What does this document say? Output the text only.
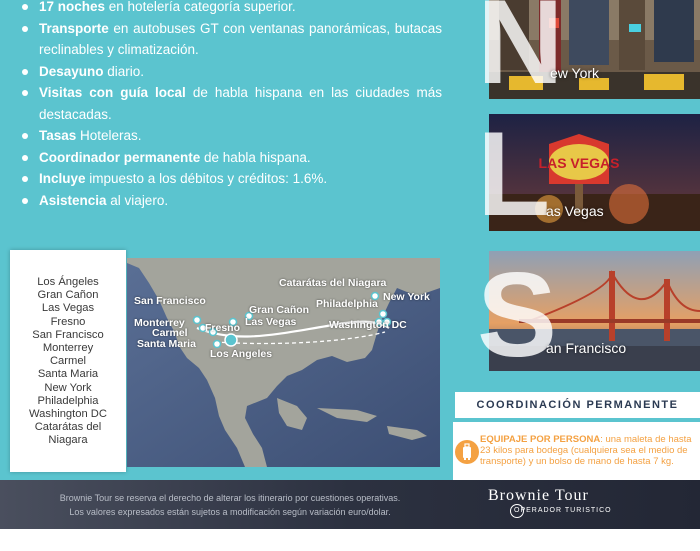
17 noches en hotelería categoría superior.
Transporte en autobuses GT con ventanas panorámicas, butacas reclinables y climatización.
Desayuno diario.
Visitas con guía local de habla hispana en las ciudades más destacadas.
Tasas Hoteleras.
Coordinador permanente de habla hispana.
Incluye impuesto a los débitos y créditos: 1.6%.
Asistencia al viajero.
Los Ángeles
Gran Cañon
Las Vegas
Fresno
San Francisco
Monterrey
Carmel
Santa Maria
New York
Philadelphia
Washington DC
Catarátas del
Niagara
San Francisco
Monterrey
Carmel
Santa Maria
Fresno
Los Angeles
Gran Cañon
Las Vegas
Catarátas del Niagara
New York
Philadelphia
Washington DC
N
ew York
LAS VEGAS
L
as Vegas
S
an Francisco
COORDINACIÓN PERMANENTE
EQUIPAJE POR PERSONA: una maleta de hasta 23 kilos para bodega (cualquiera sea el medio de transporte) y un bolso de mano de hasta 7 kg.
Brownie Tour se reserva el derecho de alterar los itinerario por cuestiones operativas.
Los valores expresados están sujetos a modificación según variación euro/dolar.
Brownie Tour
OPERADOR TURISTICO
